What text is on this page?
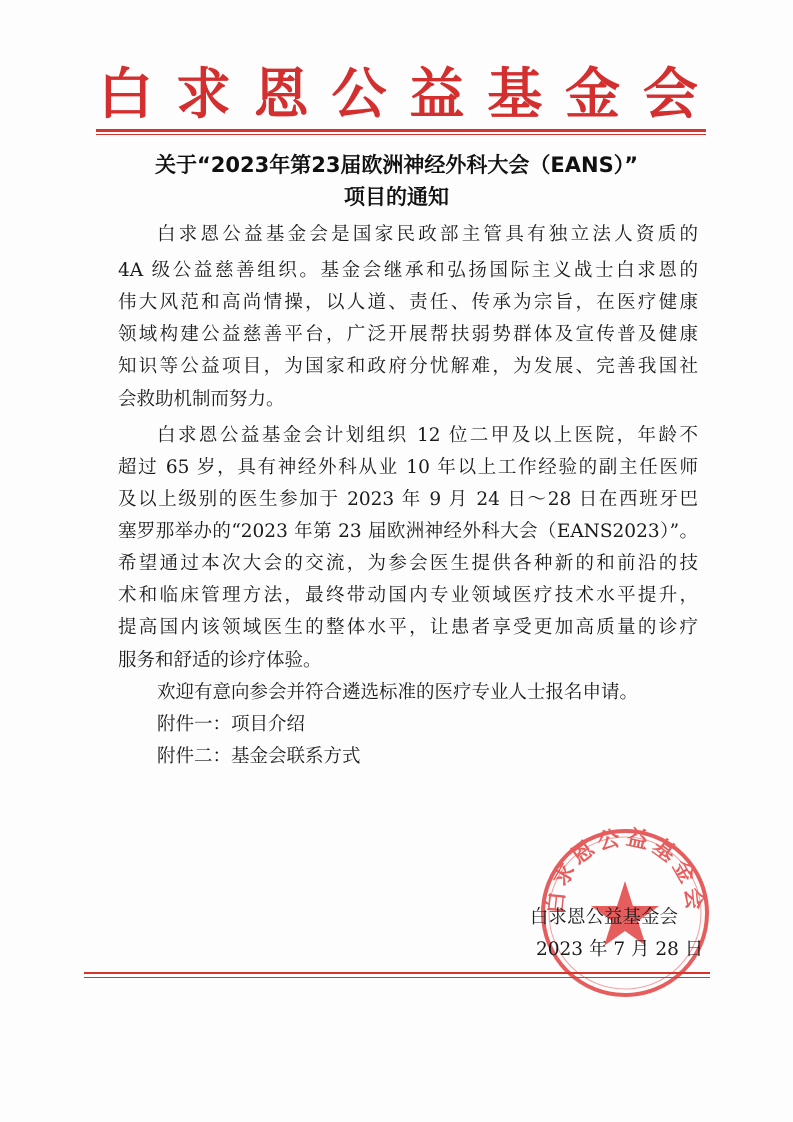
白 求 恩 公 益 基 金 会
关于“2023年第23届欧洲神经外科大会（EANS）”
项目的通知
白求恩公益基金会是国家民政部主管具有独立法人资质的
4A 级公益慈善组织。基金会继承和弘扬国际主义战士白求恩的
伟大风范和高尚情操，以人道、责任、传承为宗旨，在医疗健康
领域构建公益慈善平台，广泛开展帮扶弱势群体及宣传普及健康
知识等公益项目，为国家和政府分忧解难，为发展、完善我国社
会救助机制而努力。
白求恩公益基金会计划组织 12 位二甲及以上医院，年龄不
超过 65 岁，具有神经外科从业 10 年以上工作经验的副主任医师
及以上级别的医生参加于 2023 年 9 月 24 日～28 日在西班牙巴
塞罗那举办的“2023 年第 23 届欧洲神经外科大会（EANS2023）”。
希望通过本次大会的交流，为参会医生提供各种新的和前沿的技
术和临床管理方法，最终带动国内专业领域医疗技术水平提升，
提高国内该领域医生的整体水平，让患者享受更加高质量的诊疗
服务和舒适的诊疗体验。
欢迎有意向参会并符合遴选标准的医疗专业人士报名申请。
附件一：项目介绍
附件二：基金会联系方式
白求恩公益基金会
白求恩公益基金会
2023 年 7 月 28 日
